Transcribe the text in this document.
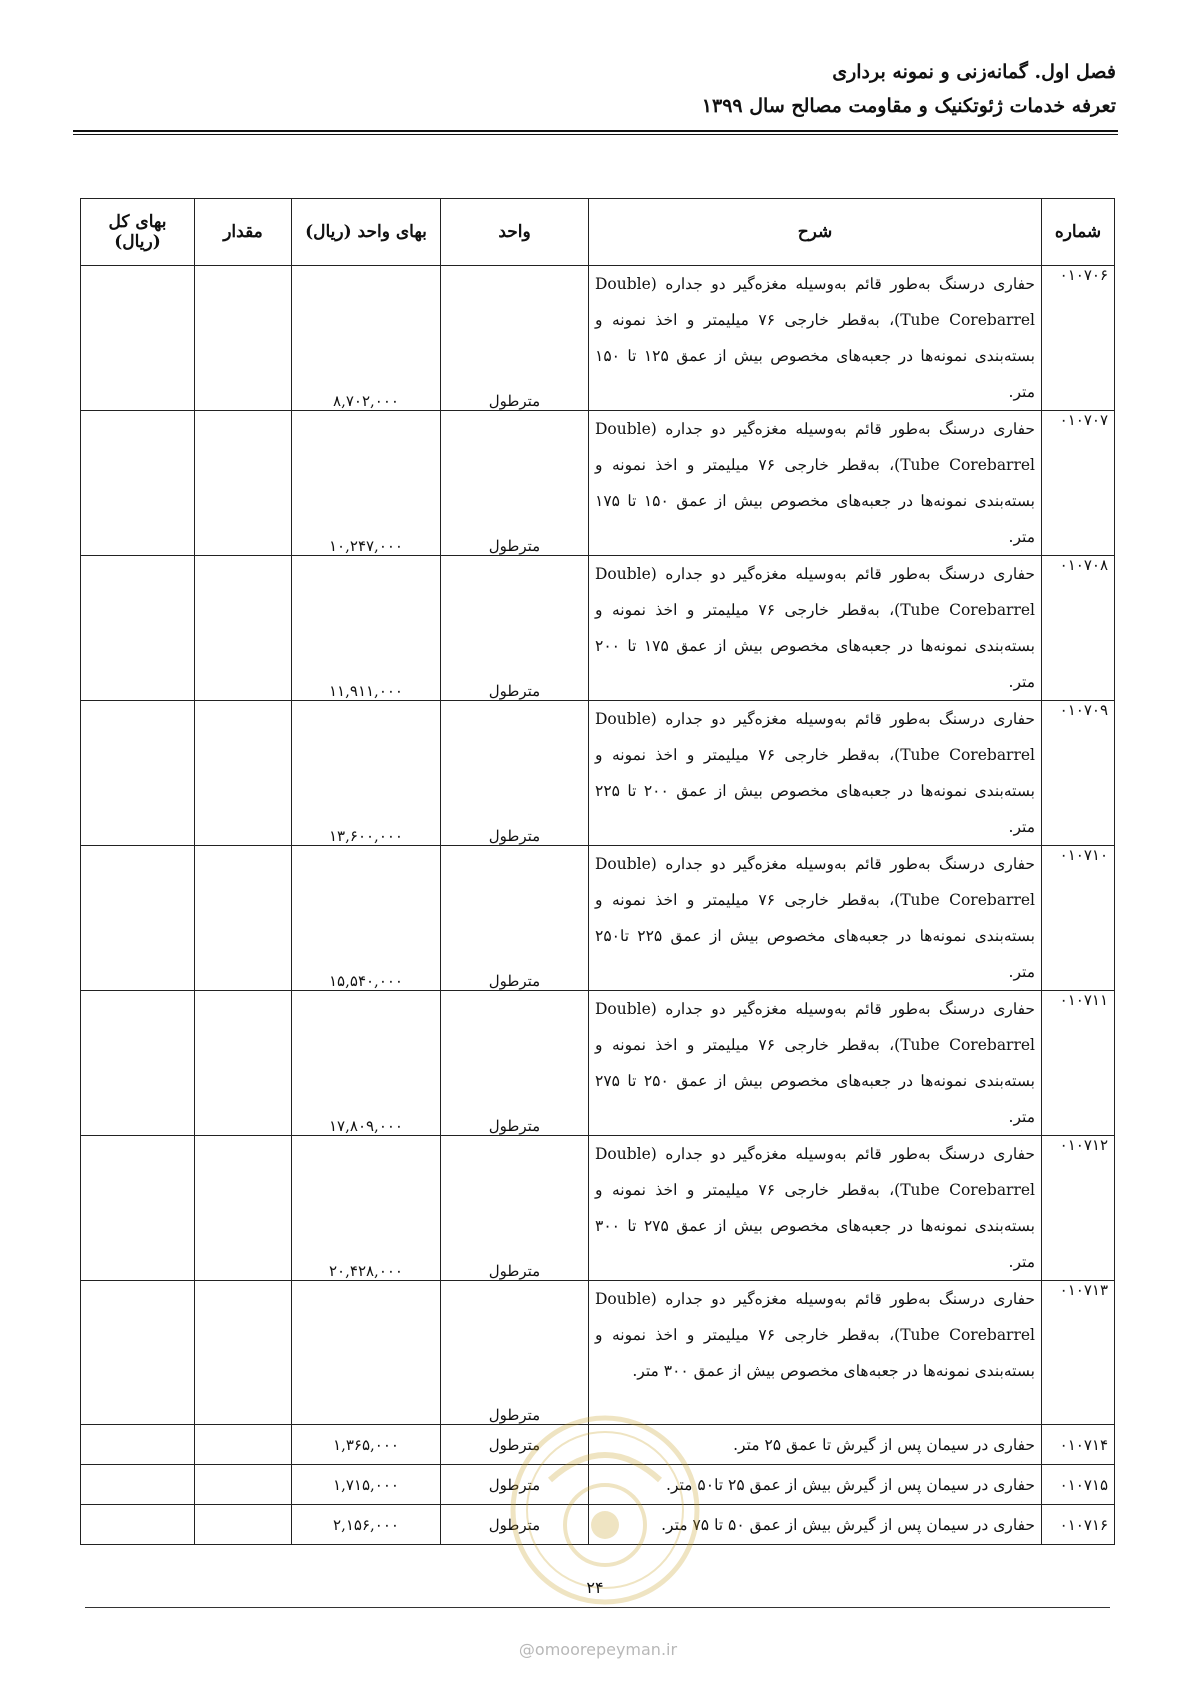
فصل اول. گمانه‌زنی و نمونه برداری
تعرفه خدمات ژئوتکنیک و مقاومت مصالح سال ۱۳۹۹
شماره	شرح	واحد	بهای واحد (ریال)	مقدار	بهای کل (ریال)
۰۱۰۷۰۶	حفاری درسنگ به‌طور قائم به‌وسیله مغزه‌گیر دو جداره (Double Tube Corebarrel)، به‌قطر خارجی ۷۶ میلیمتر و اخذ نمونه و بسته‌بندی نمونه‌ها در جعبه‌های مخصوص بیش از عمق ۱۲۵ تا ۱۵۰ متر.	مترطول	۸,۷۰۲,۰۰۰		
۰۱۰۷۰۷	حفاری درسنگ به‌طور قائم به‌وسیله مغزه‌گیر دو جداره (Double Tube Corebarrel)، به‌قطر خارجی ۷۶ میلیمتر و اخذ نمونه و بسته‌بندی نمونه‌ها در جعبه‌های مخصوص بیش از عمق ۱۵۰ تا ۱۷۵ متر.	مترطول	۱۰,۲۴۷,۰۰۰		
۰۱۰۷۰۸	حفاری درسنگ به‌طور قائم به‌وسیله مغزه‌گیر دو جداره (Double Tube Corebarrel)، به‌قطر خارجی ۷۶ میلیمتر و اخذ نمونه و بسته‌بندی نمونه‌ها در جعبه‌های مخصوص بیش از عمق ۱۷۵ تا ۲۰۰ متر.	مترطول	۱۱,۹۱۱,۰۰۰		
۰۱۰۷۰۹	حفاری درسنگ به‌طور قائم به‌وسیله مغزه‌گیر دو جداره (Double Tube Corebarrel)، به‌قطر خارجی ۷۶ میلیمتر و اخذ نمونه و بسته‌بندی نمونه‌ها در جعبه‌های مخصوص بیش از عمق ۲۰۰ تا ۲۲۵ متر.	مترطول	۱۳,۶۰۰,۰۰۰		
۰۱۰۷۱۰	حفاری درسنگ به‌طور قائم به‌وسیله مغزه‌گیر دو جداره (Double Tube Corebarrel)، به‌قطر خارجی ۷۶ میلیمتر و اخذ نمونه و بسته‌بندی نمونه‌ها در جعبه‌های مخصوص بیش از عمق ۲۲۵ تا۲۵۰ متر.	مترطول	۱۵,۵۴۰,۰۰۰		
۰۱۰۷۱۱	حفاری درسنگ به‌طور قائم به‌وسیله مغزه‌گیر دو جداره (Double Tube Corebarrel)، به‌قطر خارجی ۷۶ میلیمتر و اخذ نمونه و بسته‌بندی نمونه‌ها در جعبه‌های مخصوص بیش از عمق ۲۵۰ تا ۲۷۵ متر.	مترطول	۱۷,۸۰۹,۰۰۰		
۰۱۰۷۱۲	حفاری درسنگ به‌طور قائم به‌وسیله مغزه‌گیر دو جداره (Double Tube Corebarrel)، به‌قطر خارجی ۷۶ میلیمتر و اخذ نمونه و بسته‌بندی نمونه‌ها در جعبه‌های مخصوص بیش از عمق ۲۷۵ تا ۳۰۰ متر.	مترطول	۲۰,۴۲۸,۰۰۰		
۰۱۰۷۱۳	حفاری درسنگ به‌طور قائم به‌وسیله مغزه‌گیر دو جداره (Double Tube Corebarrel)، به‌قطر خارجی ۷۶ میلیمتر و اخذ نمونه و بسته‌بندی نمونه‌ها در جعبه‌های مخصوص بیش از عمق ۳۰۰ متر.	مترطول			
۰۱۰۷۱۴	حفاری در سیمان پس از گیرش تا عمق ۲۵ متر.	مترطول	۱,۳۶۵,۰۰۰		
۰۱۰۷۱۵	حفاری در سیمان پس از گیرش بیش از عمق ۲۵ تا۵۰ متر.	مترطول	۱,۷۱۵,۰۰۰		
۰۱۰۷۱۶	حفاری در سیمان پس از گیرش بیش از عمق ۵۰ تا ۷۵ متر.	مترطول	۲,۱۵۶,۰۰۰		
۲۴
@omoorepeyman.ir
